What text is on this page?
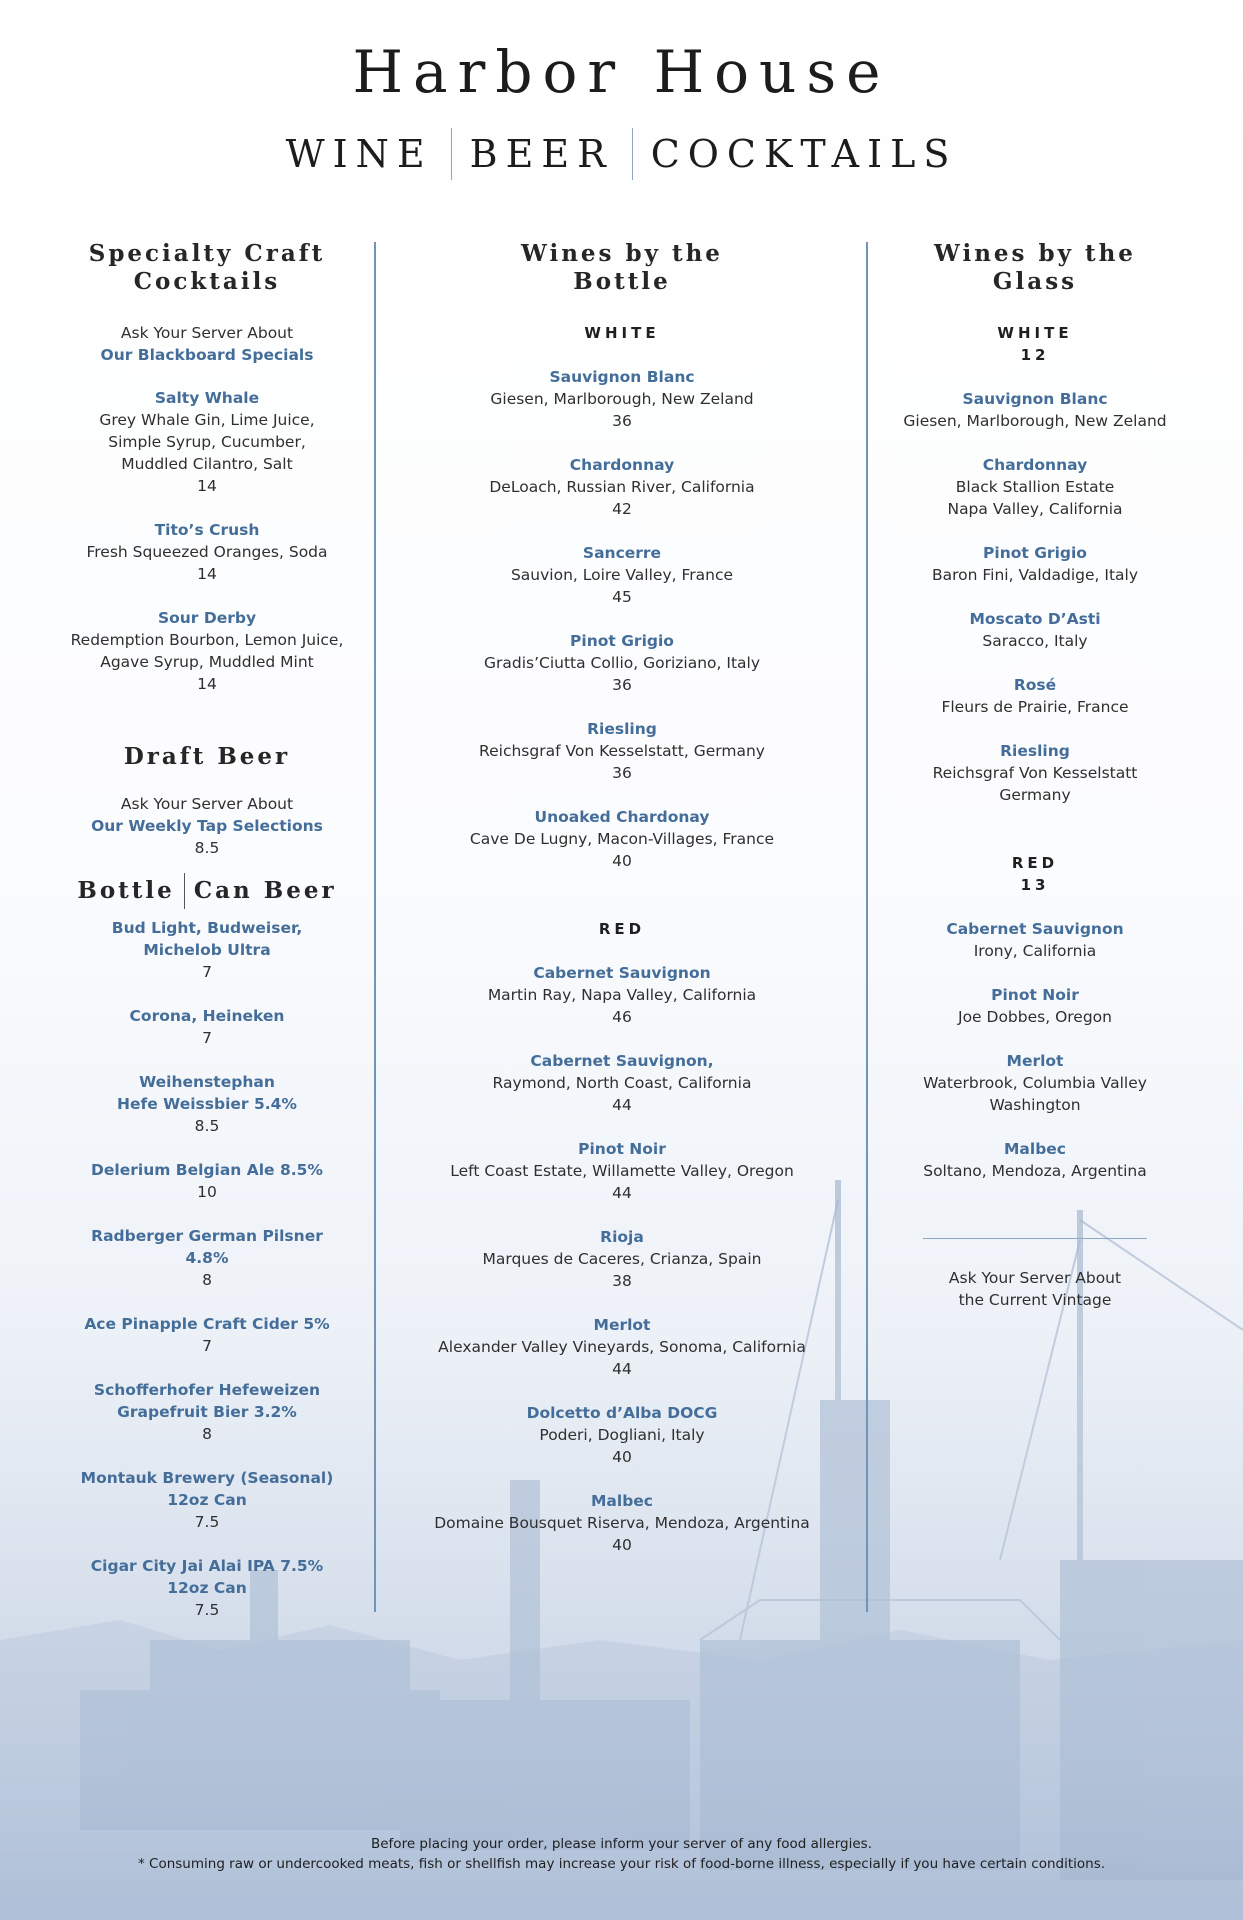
Harbor House
WINE BEER COCKTAILS
Specialty Craft
Cocktails
Ask Your Server About
Our Blackboard Specials
Salty Whale
Grey Whale Gin, Lime Juice,
Simple Syrup, Cucumber,
Muddled Cilantro, Salt
14
Tito’s Crush
Fresh Squeezed Oranges, Soda
14
Sour Derby
Redemption Bourbon, Lemon Juice,
Agave Syrup, Muddled Mint
14
Draft Beer
Ask Your Server About
Our Weekly Tap Selections
8.5
Bottle Can Beer
Bud Light, Budweiser,
Michelob Ultra
7
Corona, Heineken
7
Weihenstephan
Hefe Weissbier 5.4%
8.5
Delerium Belgian Ale 8.5%
10
Radberger German Pilsner 4.8%
8
Ace Pinapple Craft Cider 5%
7
Schofferhofer Hefeweizen
Grapefruit Bier 3.2%
8
Montauk Brewery (Seasonal)
12oz Can
7.5
Cigar City Jai Alai IPA 7.5%
12oz Can
7.5
Wines by the
Bottle
WHITE
Sauvignon Blanc
Giesen, Marlborough, New Zeland
36
Chardonnay
DeLoach, Russian River, California
42
Sancerre
Sauvion, Loire Valley, France
45
Pinot Grigio
Gradis’Ciutta Collio, Goriziano, Italy
36
Riesling
Reichsgraf Von Kesselstatt, Germany
36
Unoaked Chardonay
Cave De Lugny, Macon-Villages, France
40
RED
Cabernet Sauvignon
Martin Ray, Napa Valley, California
46
Cabernet Sauvignon,
Raymond, North Coast, California
44
Pinot Noir
Left Coast Estate, Willamette Valley, Oregon
44
Rioja
Marques de Caceres, Crianza, Spain
38
Merlot
Alexander Valley Vineyards, Sonoma, California
44
Dolcetto d’Alba DOCG
Poderi, Dogliani, Italy
40
Malbec
Domaine Bousquet Riserva, Mendoza, Argentina
40
Wines by the
Glass
WHITE
12
Sauvignon Blanc
Giesen, Marlborough, New Zeland
Chardonnay
Black Stallion Estate
Napa Valley, California
Pinot Grigio
Baron Fini, Valdadige, Italy
Moscato D’Asti
Saracco, Italy
Rosé
Fleurs de Prairie, France
Riesling
Reichsgraf Von Kesselstatt
Germany
RED
13
Cabernet Sauvignon
Irony, California
Pinot Noir
Joe Dobbes, Oregon
Merlot
Waterbrook, Columbia Valley
Washington
Malbec
Soltano, Mendoza, Argentina
Ask Your Server About
the Current Vintage
Before placing your order, please inform your server of any food allergies.
* Consuming raw or undercooked meats, fish or shellfish may increase your risk of food-borne illness, especially if you have certain conditions.
